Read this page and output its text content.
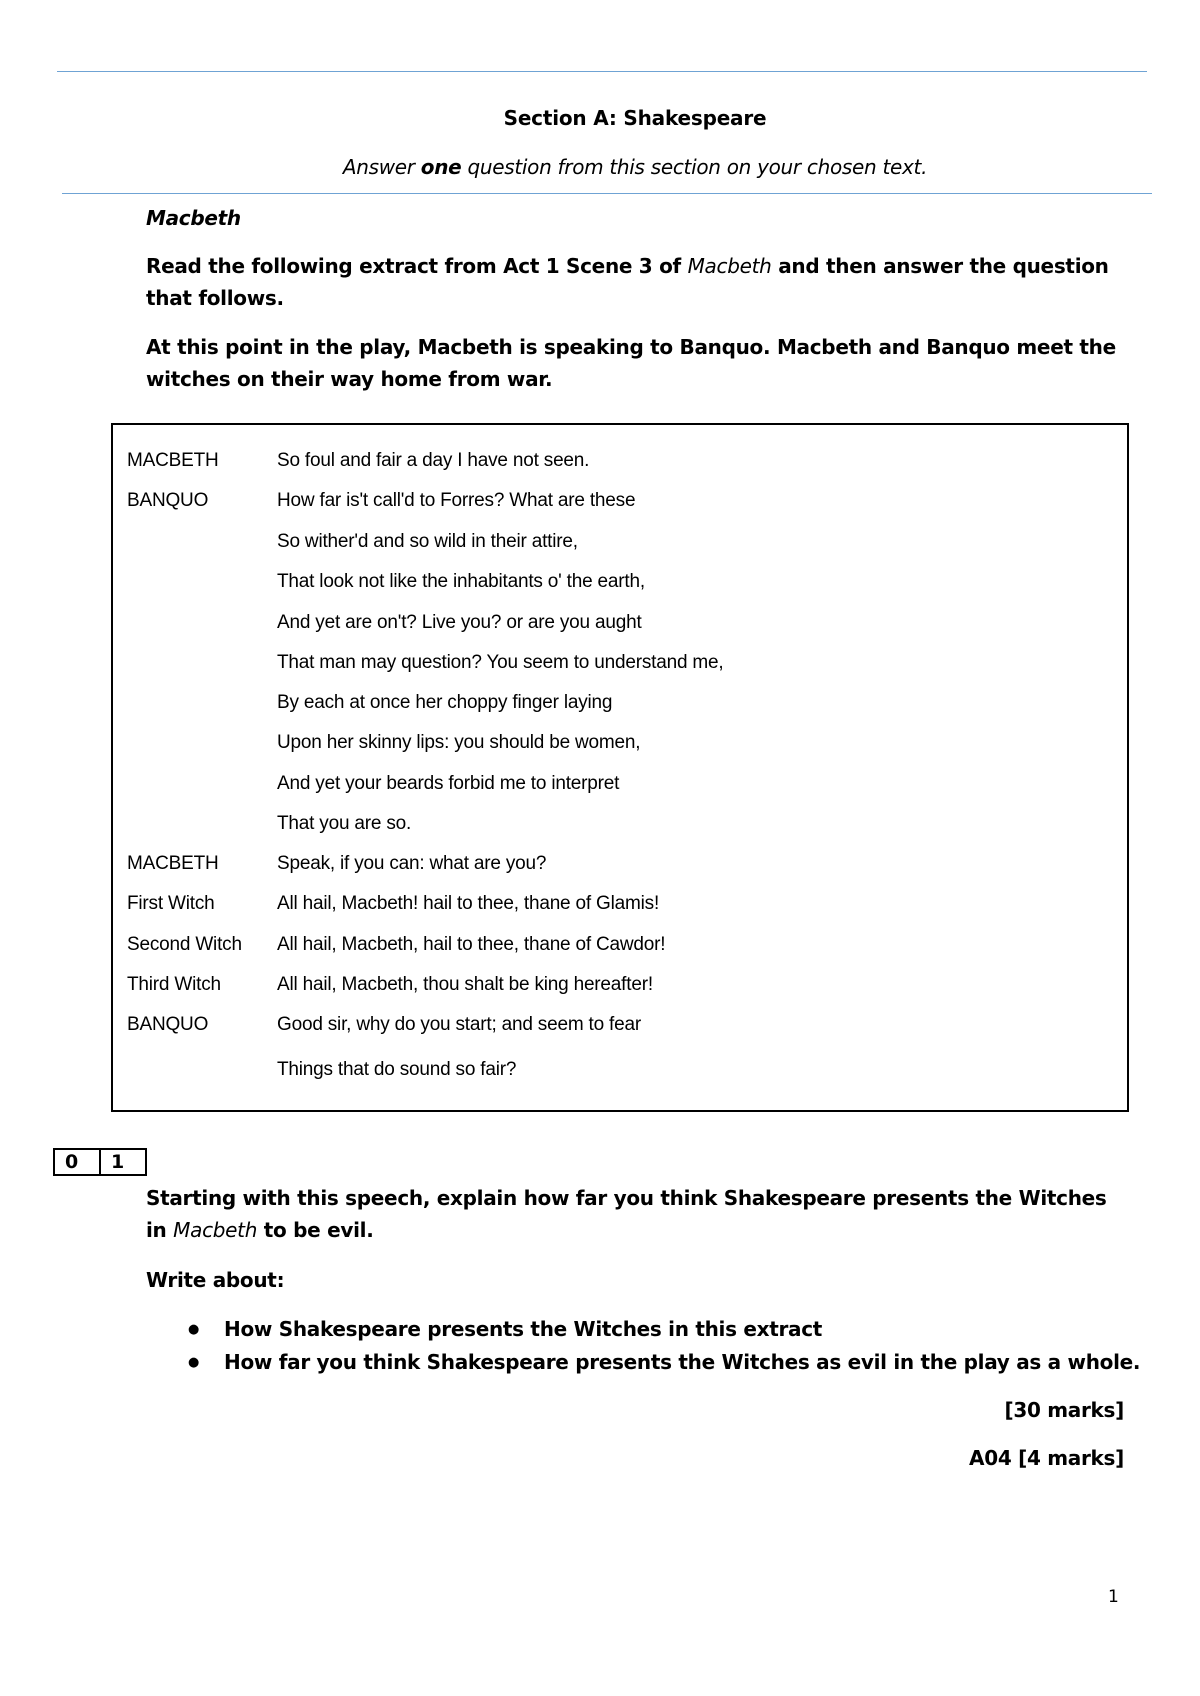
Section A: Shakespeare
Answer one question from this section on your chosen text.
Macbeth
Read the following extract from Act 1 Scene 3 of Macbeth and then answer the question that follows.
At this point in the play, Macbeth is speaking to Banquo. Macbeth and Banquo meet the witches on their way home from war.
MACBETH	So foul and fair a day I have not seen.
BANQUO	How far is't call'd to Forres? What are these
So wither'd and so wild in their attire,
That look not like the inhabitants o' the earth,
And yet are on't? Live you? or are you aught
That man may question? You seem to understand me,
By each at once her choppy finger laying
Upon her skinny lips: you should be women,
And yet your beards forbid me to interpret
That you are so.
MACBETH	Speak, if you can: what are you?
First Witch	All hail, Macbeth! hail to thee, thane of Glamis!
Second Witch All hail, Macbeth, hail to thee, thane of Cawdor!
Third Witch	All hail, Macbeth, thou shalt be king hereafter!
BANQUO	Good sir, why do you start; and seem to fear
Things that do sound so fair?
0	1
Starting with this speech, explain how far you think Shakespeare presents the Witches in Macbeth to be evil.
Write about:
● How Shakespeare presents the Witches in this extract
● How far you think Shakespeare presents the Witches as evil in the play as a whole.
[30 marks]
A04 [4 marks]
1
